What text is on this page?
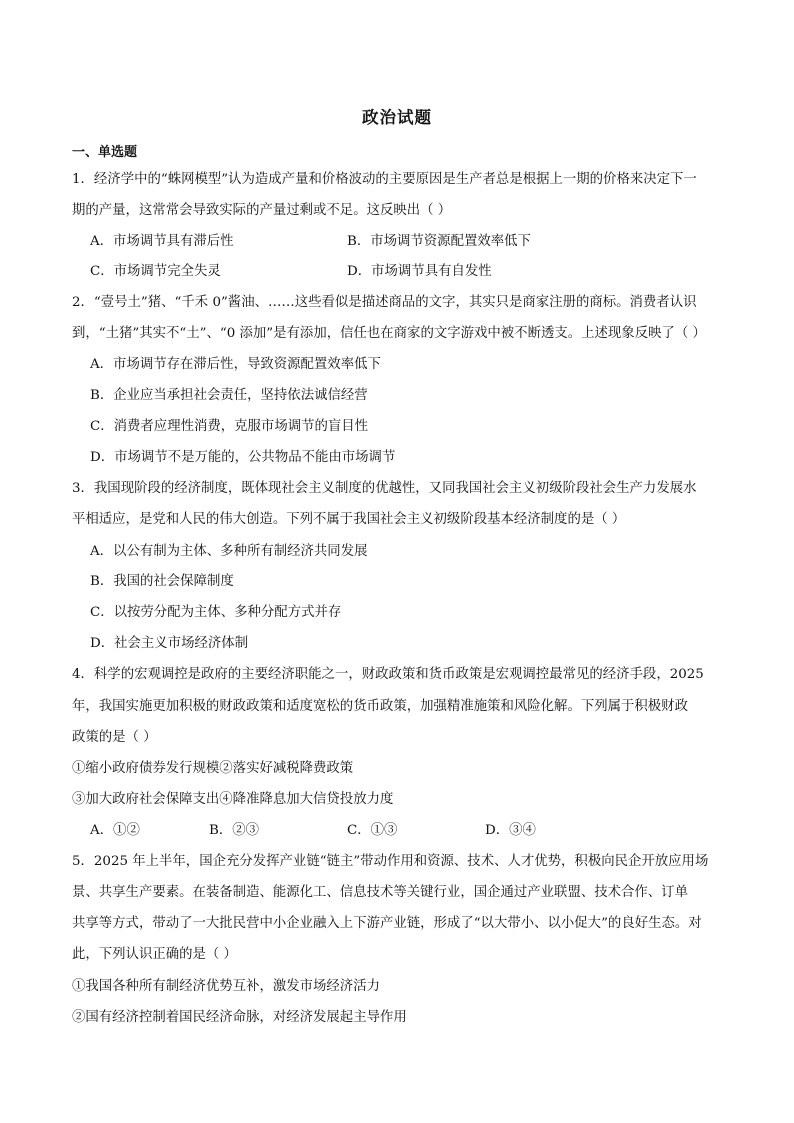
政治试题
一、单选题
1．经济学中的“蛛网模型”认为造成产量和价格波动的主要原因是生产者总是根据上一期的价格来决定下一
期的产量，这常常会导致实际的产量过剩或不足。这反映出（ ）
A．市场调节具有滞后性	B．市场调节资源配置效率低下
C．市场调节完全失灵	D．市场调节具有自发性
2．“壹号土”猪、“千禾 0”酱油、……这些看似是描述商品的文字，其实只是商家注册的商标。消费者认识
到，“土猪”其实不“土”、“0 添加”是有添加，信任也在商家的文字游戏中被不断透支。上述现象反映了（ ）
A．市场调节存在滞后性，导致资源配置效率低下
B．企业应当承担社会责任，坚持依法诚信经营
C．消费者应理性消费，克服市场调节的盲目性
D．市场调节不是万能的，公共物品不能由市场调节
3．我国现阶段的经济制度，既体现社会主义制度的优越性，又同我国社会主义初级阶段社会生产力发展水
平相适应，是党和人民的伟大创造。下列不属于我国社会主义初级阶段基本经济制度的是（ ）
A．以公有制为主体、多种所有制经济共同发展
B．我国的社会保障制度
C．以按劳分配为主体、多种分配方式并存
D．社会主义市场经济体制
4．科学的宏观调控是政府的主要经济职能之一，财政政策和货币政策是宏观调控最常见的经济手段，2025
年，我国实施更加积极的财政政策和适度宽松的货币政策，加强精准施策和风险化解。下列属于积极财政
政策的是（ ）
①缩小政府债券发行规模②落实好减税降费政策
③加大政府社会保障支出④降准降息加大信贷投放力度
A．①②	B．②③	C．①③	D．③④
5．2025 年上半年，国企充分发挥产业链“链主”带动作用和资源、技术、人才优势，积极向民企开放应用场
景、共享生产要素。在装备制造、能源化工、信息技术等关键行业，国企通过产业联盟、技术合作、订单
共享等方式，带动了一大批民营中小企业融入上下游产业链，形成了“以大带小、以小促大”的良好生态。对
此，下列认识正确的是（ ）
①我国各种所有制经济优势互补，激发市场经济活力
②国有经济控制着国民经济命脉，对经济发展起主导作用
